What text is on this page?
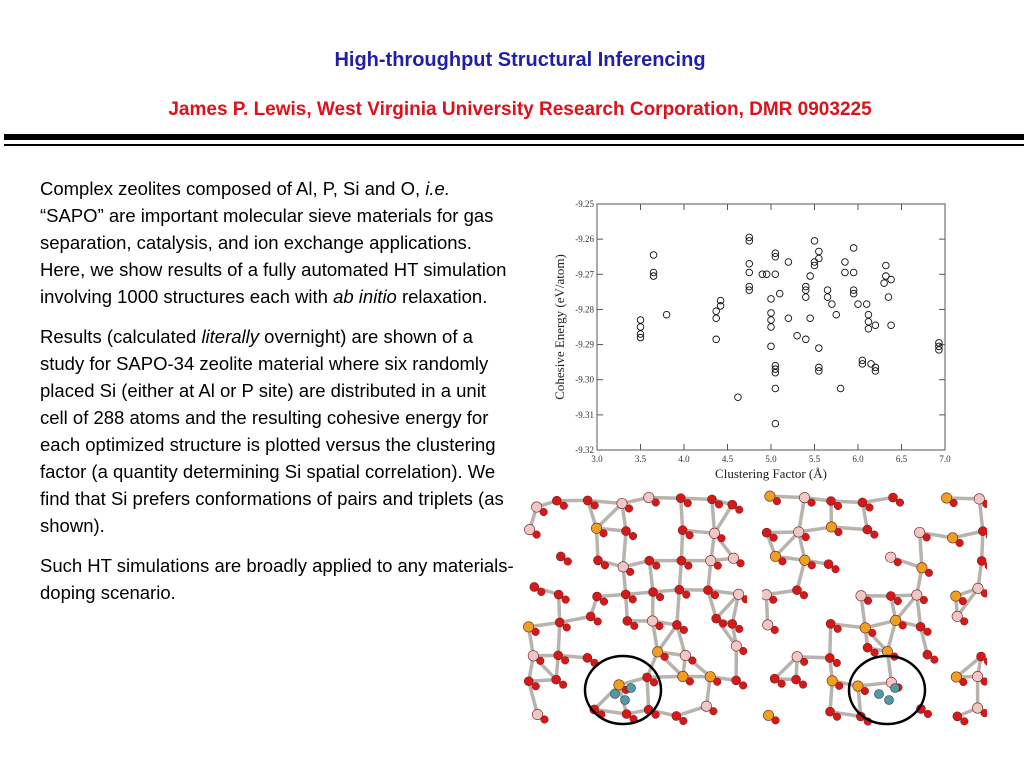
High-throughput Structural Inferencing
James P. Lewis, West Virginia University Research Corporation, DMR 0903225

Complex zeolites composed of Al, P, Si and O, i.e. “SAPO” are important molecular sieve materials for gas separation, catalysis, and ion exchange applications. Here, we show results of a fully automated HT simulation involving 1000 structures each with ab initio relaxation.

Results (calculated literally overnight) are shown of a study for SAPO-34 zeolite material where six randomly placed Si (either at Al or P site) are distributed in a unit cell of 288 atoms and the resulting cohesive energy for each optimized structure is plotted versus the clustering factor (a quantity determining Si spatial correlation). We find that Si prefers conformations of pairs and triplets (as shown).

Such HT simulations are broadly applied to any materials-doping scenario.

3.0	3.5	4.0	4.5	5.0	5.5	6.0	6.5	7.0
-9.25
-9.26
-9.27
-9.28
-9.29
-9.30
-9.31
-9.32
Clustering Factor (Å)
Cohesive Energy (eV/atom)
